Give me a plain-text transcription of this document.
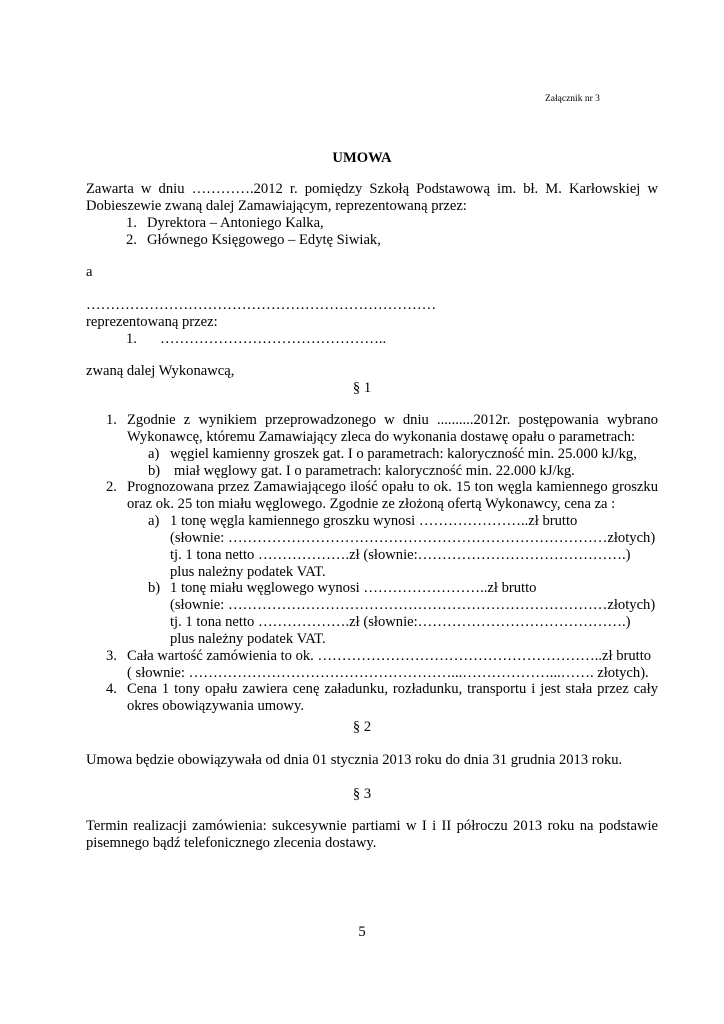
Załącznik nr 3
UMOWA
Zawarta w dniu ………….2012 r. pomiędzy Szkołą Podstawową im. bł. M. Karłowskiej w
Dobieszewie zwaną dalej Zamawiającym, reprezentowaną przez:
1. Dyrektora – Antoniego Kalka,
2. Głównego Księgowego – Edytę Siwiak,
a
………………………………………………………………
reprezentowaną przez:
1. ………………………………………..
zwaną dalej Wykonawcą,
§ 1
1. Zgodnie z wynikiem przeprowadzonego w dniu ..........2012r. postępowania wybrano
Wykonawcę, któremu Zamawiający zleca do wykonania dostawę opału o parametrach:
a) węgiel kamienny groszek gat. I o parametrach: kaloryczność min. 25.000 kJ/kg,
b) miał węglowy gat. I o parametrach: kaloryczność min. 22.000 kJ/kg.
2. Prognozowana przez Zamawiającego ilość opału to ok. 15 ton węgla kamiennego groszku
oraz ok. 25 ton miału węglowego. Zgodnie ze złożoną ofertą Wykonawcy, cena za :
a) 1 tonę węgla kamiennego groszku wynosi …………………..zł brutto
(słownie: ……………………………………………………………………złotych)
tj. 1 tona netto ……………….zł (słownie:…………………………………….)
plus należny podatek VAT.
b) 1 tonę miału węglowego wynosi ……………………..zł brutto
(słownie: ……………………………………………………………………złotych)
tj. 1 tona netto ……………….zł (słownie:…………………………………….)
plus należny podatek VAT.
3. Cała wartość zamówienia to ok. …………………………………………………..zł brutto
( słownie: ………………………………………………...………………...……. złotych).
4. Cena 1 tony opału zawiera cenę załadunku, rozładunku, transportu i jest stała przez cały
okres obowiązywania umowy.
§ 2
Umowa będzie obowiązywała od dnia 01 stycznia 2013 roku do dnia 31 grudnia 2013 roku.
§ 3
Termin realizacji zamówienia: sukcesywnie partiami w I i II półroczu 2013 roku na podstawie
pisemnego bądź telefonicznego zlecenia dostawy.
5
